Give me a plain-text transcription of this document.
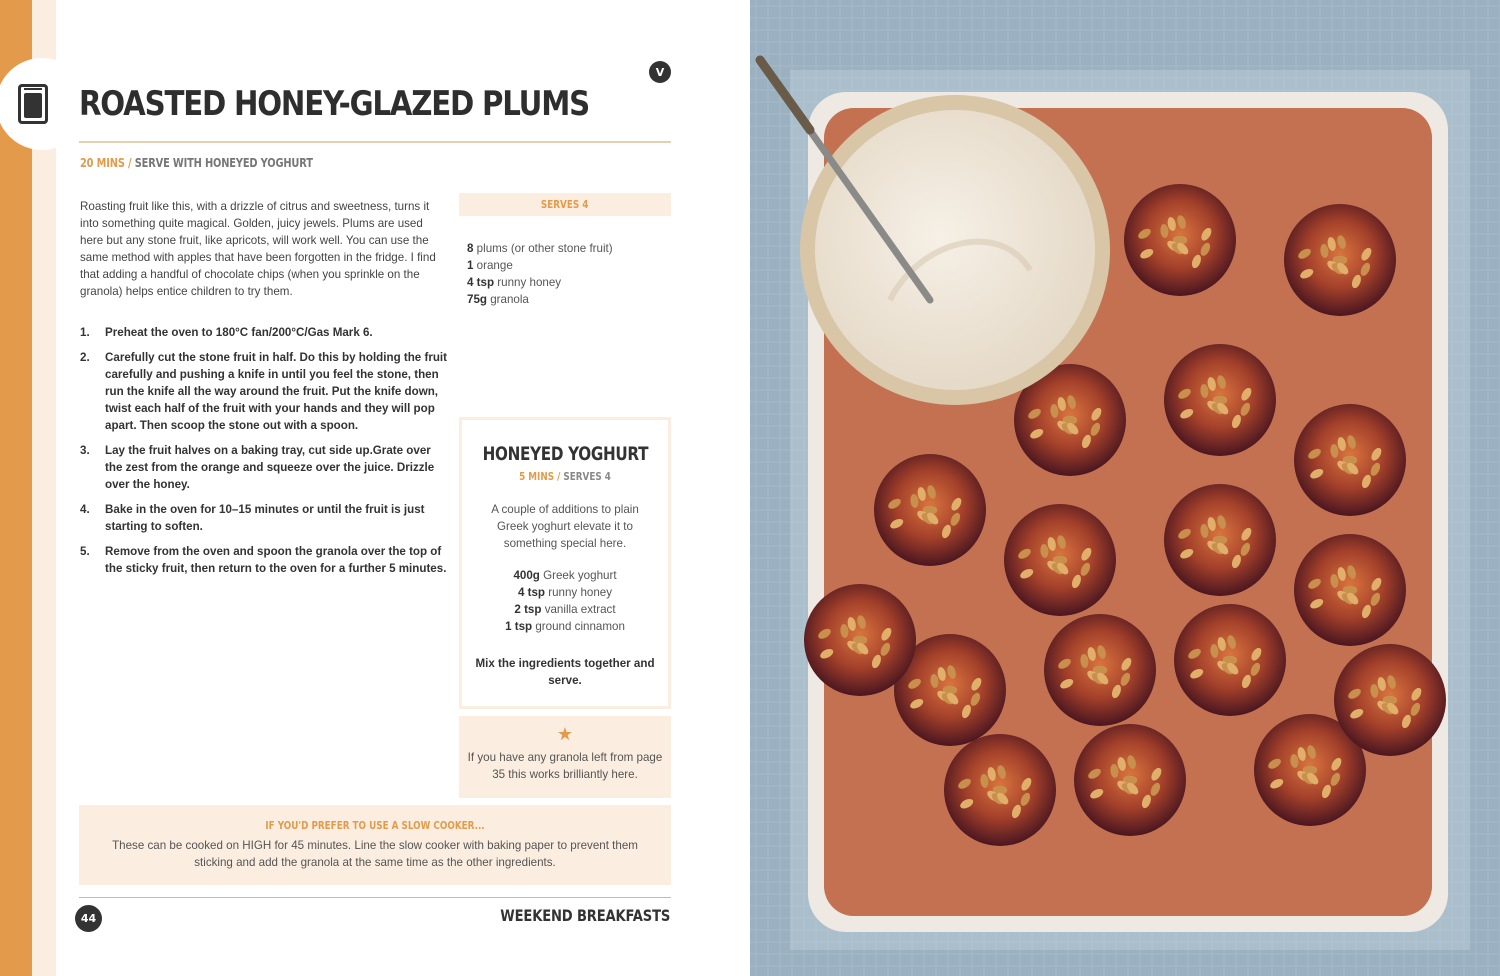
V
ROASTED HONEY-GLAZED PLUMS
20 MINS / SERVE WITH HONEYED YOGHURT

Roasting fruit like this, with a drizzle of citrus and sweetness, turns it into something quite magical. Golden, juicy jewels. Plums are used here but any stone fruit, like apricots, will work well. You can use the same method with apples that have been forgotten in the fridge. I find that adding a handful of chocolate chips (when you sprinkle on the granola) helps entice children to try them.

SERVES 4
8 plums (or other stone fruit)
1 orange
4 tsp runny honey
75g granola
1. Preheat the oven to 180°C fan/200°C/Gas Mark 6.
2. Carefully cut the stone fruit in half. Do this by holding the fruit carefully and pushing a knife in until you feel the stone, then run the knife all the way around the fruit. Put the knife down, twist each half of the fruit with your hands and they will pop apart. Then scoop the stone out with a spoon.
3. Lay the fruit halves on a baking tray, cut side up.Grate over the zest from the orange and squeeze over the juice. Drizzle over the honey.
4. Bake in the oven for 10–15 minutes or until the fruit is just starting to soften.
5. Remove from the oven and spoon the granola over the top of the sticky fruit, then return to the oven for a further 5 minutes.
HONEYED YOGHURT
5 MINS / SERVES 4

A couple of additions to plain Greek yoghurt elevate it to something special here.

400g Greek yoghurt
4 tsp runny honey
2 tsp vanilla extract
1 tsp ground cinnamon

Mix the ingredients together and serve.

★

If you have any granola left from page 35 this works brilliantly here.

IF YOU'D PREFER TO USE A SLOW COOKER...

These can be cooked on HIGH for 45 minutes. Line the slow cooker with baking paper to prevent them sticking and add the granola at the same time as the other ingredients.

44	WEEKEND BREAKFASTS
